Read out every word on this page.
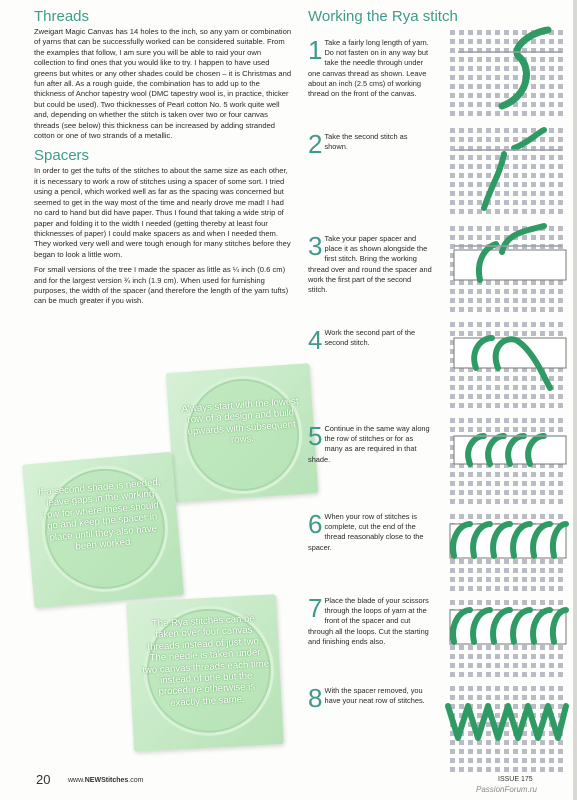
Threads

Zweigart Magic Canvas has 14 holes to the inch, so any yarn or combination of yarns that can be successfully worked can be considered suitable. From the examples that follow, I am sure you will be able to raid your own collection to find ones that you would like to try. I happen to have used greens but whites or any other shades could be chosen – it is Christmas and fun after all. As a rough guide, the combination has to add up to the thickness of Anchor tapestry wool (DMC tapestry wool is, in practice, thicker but could be used). Two thicknesses of Pearl cotton No. 5 work quite well and, depending on whether the stitch is taken over two or four canvas threads (see below) this thickness can be increased by adding stranded cotton or one of two strands of a metallic.

Spacers

In order to get the tufts of the stitches to about the same size as each other, it is necessary to work a row of stitches using a spacer of some sort. I tried using a pencil, which worked well as far as the spacing was concerned but seemed to get in the way most of the time and nearly drove me mad! I had no card to hand but did have paper. Thus I found that taking a wide strip of paper and folding it to the width I needed (getting thereby at least four thicknesses of paper) I could make spacers as and when I needed them. They worked very well and were tough enough for many stitches before they began to look a little worn.

For small versions of the tree I made the spacer as little as ¼ inch (0.6 cm) and for the largest version ¾ inch (1.9 cm). When used for furnishing purposes, the width of the spacer (and therefore the length of the yarn tufts) can be much greater if you wish.

Always start with the lowest row of a design and build upwards with subsequent rows.
If a second shade is needed, leave gaps in the working row for where these should go and keep the spacer in place until they also have been worked.
The Rya stitches can be taken over four canvas threads instead of just two. The needle is taken under two canvas threads each time instead of one but the procedure otherwise is exactly the same.
Working the Rya stitch
1 Take a fairly long length of yarn. Do not fasten on in any way but take the needle through under one canvas thread as shown. Leave about an inch (2.5 cms) of working thread on the front of the canvas.
2 Take the second stitch as shown.
3 Take your paper spacer and place it as shown alongside the first stitch. Bring the working thread over and round the spacer and work the first part of the second stitch.
4 Work the second part of the second stitch.
5 Continue in the same way along the row of stitches or for as many as are required in that shade.
6 When your row of stitches is complete, cut the end of the thread reasonably close to the spacer.
7 Place the blade of your scissors through the loops of yarn at the front of the spacer and cut through all the loops. Cut the starting and finishing ends also.
8 With the spacer removed, you have your neat row of stitches.
20	www.NEWStitches.com	ISSUE 175
PassionForum.ru
